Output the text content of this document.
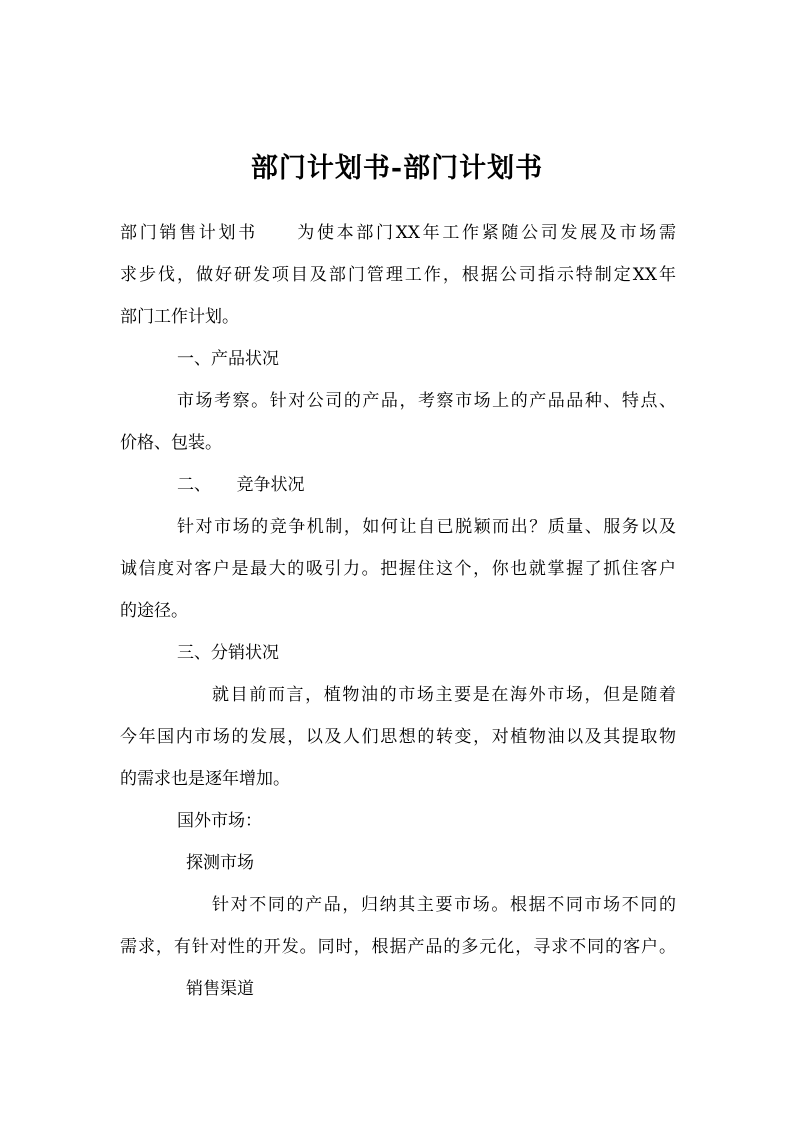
部门计划书-部门计划书
部门销售计划书　　为使本部门XX年工作紧随公司发展及市场需
求步伐，做好研发项目及部门管理工作，根据公司指示特制定XX年
部门工作计划。
一、产品状况
市场考察。针对公司的产品，考察市场上的产品品种、特点、
价格、包装。
二、　　竞争状况
针对市场的竞争机制，如何让自已脱颖而出？质量、服务以及
诚信度对客户是最大的吸引力。把握住这个，你也就掌握了抓住客户
的途径。
三、分销状况
就目前而言，植物油的市场主要是在海外市场，但是随着
今年国内市场的发展，以及人们思想的转变，对植物油以及其提取物
的需求也是逐年增加。
国外市场：
探测市场
针对不同的产品，归纳其主要市场。根据不同市场不同的
需求，有针对性的开发。同时，根据产品的多元化，寻求不同的客户。
销售渠道
